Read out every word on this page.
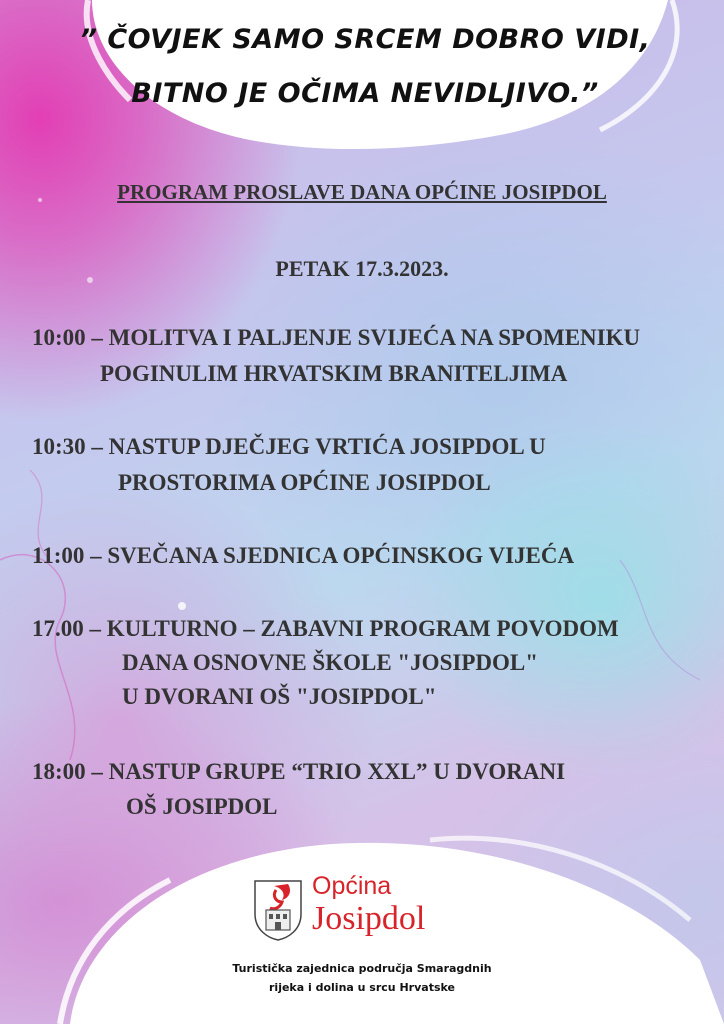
” ČOVJEK SAMO SRCEM DOBRO VIDI,
BITNO JE OČIMA NEVIDLJIVO.”
PROGRAM PROSLAVE DANA OPĆINE JOSIPDOL
PETAK 17.3.2023.
10:00 – MOLITVA I PALJENJE SVIJEĆA NA SPOMENIKU
POGINULIM HRVATSKIM BRANITELJIMA
10:30 – NASTUP DJEČJEG VRTIĆA JOSIPDOL U
PROSTORIMA OPĆINE JOSIPDOL
11:00 – SVEČANA SJEDNICA OPĆINSKOG VIJEĆA
17.00 – KULTURNO – ZABAVNI PROGRAM POVODOM
DANA OSNOVNE ŠKOLE "JOSIPDOL"
U DVORANI OŠ "JOSIPDOL"
18:00 – NASTUP GRUPE “TRIO XXL” U DVORANI
OŠ JOSIPDOL
Općina
Josipdol
Turistička zajednica područja Smaragdnih
rijeka i dolina u srcu Hrvatske
